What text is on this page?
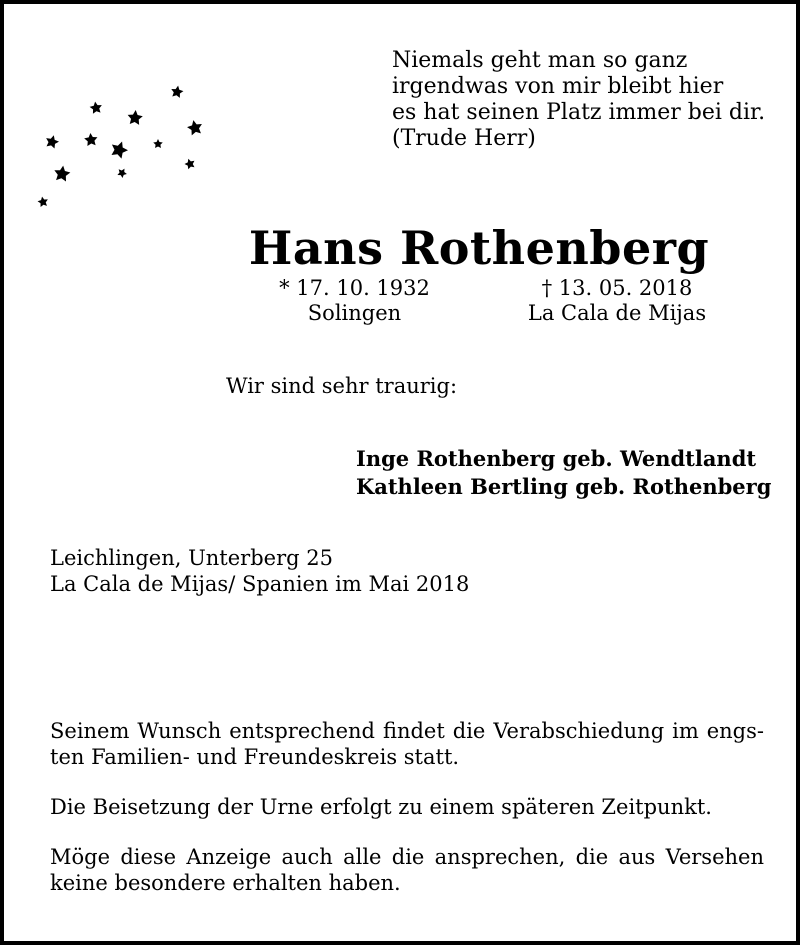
Niemals geht man so ganz
irgendwas von mir bleibt hier
es hat seinen Platz immer bei dir.
(Trude Herr)
Hans Rothenberg
* 17. 10. 1932
Solingen
† 13. 05. 2018
La Cala de Mijas
Wir sind sehr traurig:
Inge Rothenberg geb. Wendtlandt
Kathleen Bertling geb. Rothenberg
Leichlingen, Unterberg 25
La Cala de Mijas/ Spanien im Mai 2018

Seinem Wunsch entsprechend findet die Verabschiedung im engs-
ten Familien- und Freundeskreis statt.

Die Beisetzung der Urne erfolgt zu einem späteren Zeitpunkt.

Möge diese Anzeige auch alle die ansprechen, die aus Versehen
keine besondere erhalten haben.
